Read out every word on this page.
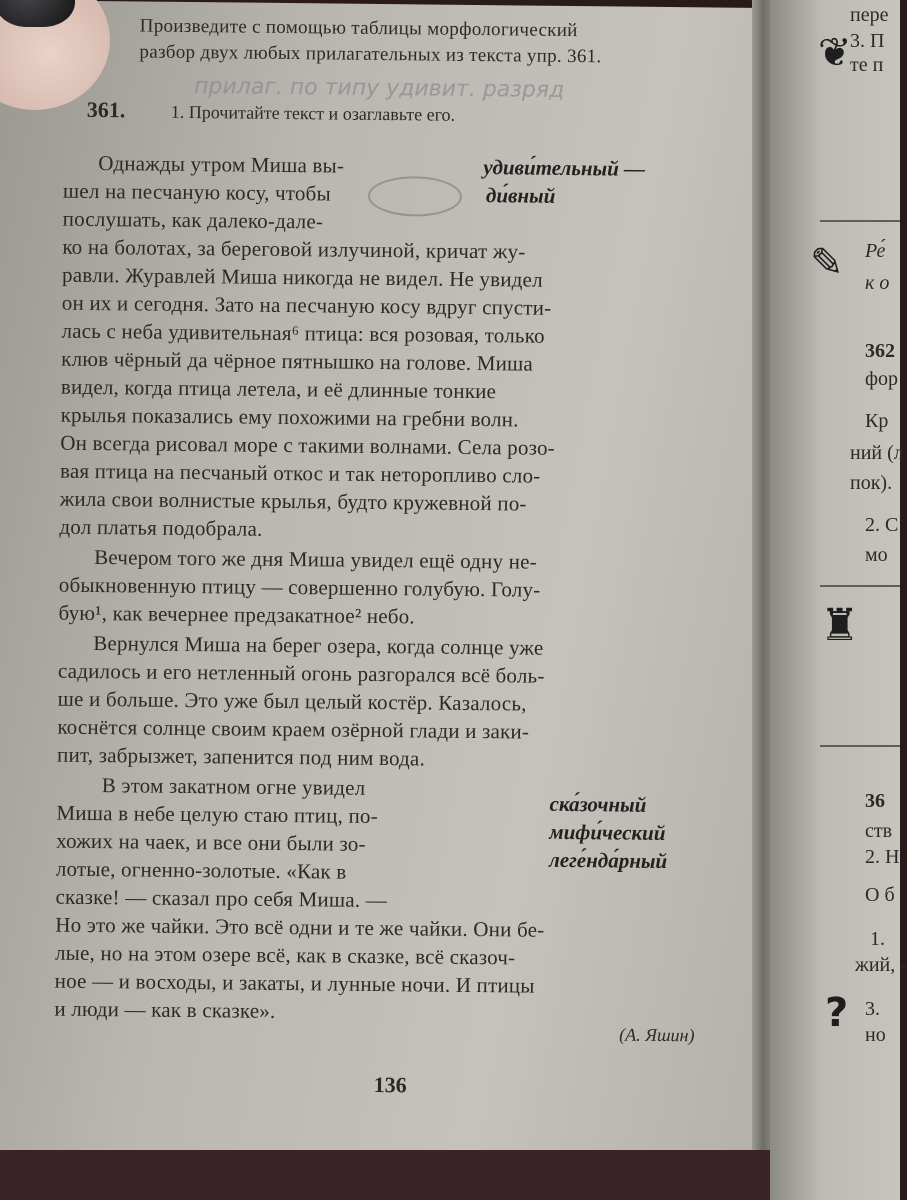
Произведите с помощью таблицы морфологический
разбор двух любых прилагательных из текста упр. 361.
прилаг. по типу удивит. разряд
361.	1. Прочитайте текст и озаглавьте его.
удиви́тельный —
ди́вный
Однажды утром Миша вы-
шел на песчаную косу, чтобы
послушать, как далеко-дале-
ко на болотах, за береговой излучиной, кричат жу-
равли. Журавлей Миша никогда не видел. Не увидел
он их и сегодня. Зато на песчаную косу вдруг спусти-
лась с неба удивительная⁶ птица: вся розовая, только
клюв чёрный да чёрное пятнышко на голове. Миша
видел, когда птица летела, и её длинные тонкие
крылья показались ему похожими на гребни волн.
Он всегда рисовал море с такими волнами. Села розо-
вая птица на песчаный откос и так неторопливо сло-
жила свои волнистые крылья, будто кружевной по-
дол платья подобрала.
Вечером того же дня Миша увидел ещё одну не-
обыкновенную птицу — совершенно голубую. Голу-
бую¹, как вечернее предзакатное² небо.
Вернулся Миша на берег озера, когда солнце уже
садилось и его нетленный огонь разгорался всё боль-
ше и больше. Это уже был целый костёр. Казалось,
коснётся солнце своим краем озёрной глади и заки-
пит, забрызжет, запенится под ним вода.
В этом закатном огне увидел
Миша в небе целую стаю птиц, по-
хожих на чаек, и все они были зо-
лотые, огненно-золотые. «Как в
сказке! — сказал про себя Миша. —
Но это же чайки. Это всё одни и те же чайки. Они бе-
лые, но на этом озере всё, как в сказке, всё сказоч-
ное — и восходы, и закаты, и лунные ночи. И птицы
и люди — как в сказке».
ска́зочный
мифи́ческий
леге́нда́рный
(А. Яшин)
136
пере
3. П
те п
❦
✎ Ре́
к о
362
фор
Кр
ний (л
пок).
2. С
мо
♜
36
ств
2. Н
О б
1.
жий, -
? 3.
но
